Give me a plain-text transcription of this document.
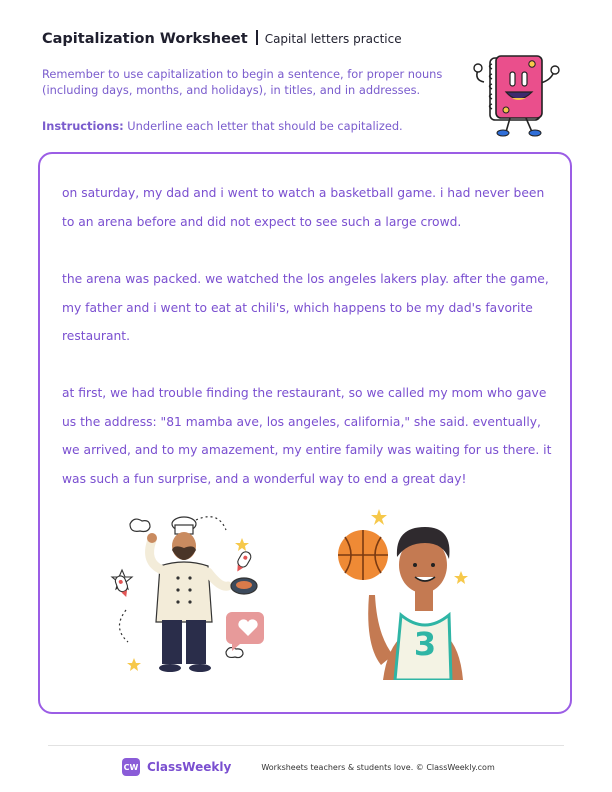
Capitalization Worksheet Capital letters practice
Remember to use capitalization to begin a sentence, for proper nouns (including days, months, and holidays), in titles, and in addresses.
Instructions: Underline each letter that should be capitalized.
on saturday, my dad and i went to watch a basketball game. i had never been to an arena before and did not expect to see such a large crowd.
the arena was packed. we watched the los angeles lakers play. after the game, my father and i went to eat at chili's, which happens to be my dad's favorite restaurant.
at first, we had trouble finding the restaurant, so we called my mom who gave us the address: "81 mamba ave, los angeles, california," she said. eventually, we arrived, and to my amazement, my entire family was waiting for us there. it was such a fun surprise, and a wonderful way to end a great day!
3
CW ClassWeekly	Worksheets teachers & students love. © ClassWeekly.com
